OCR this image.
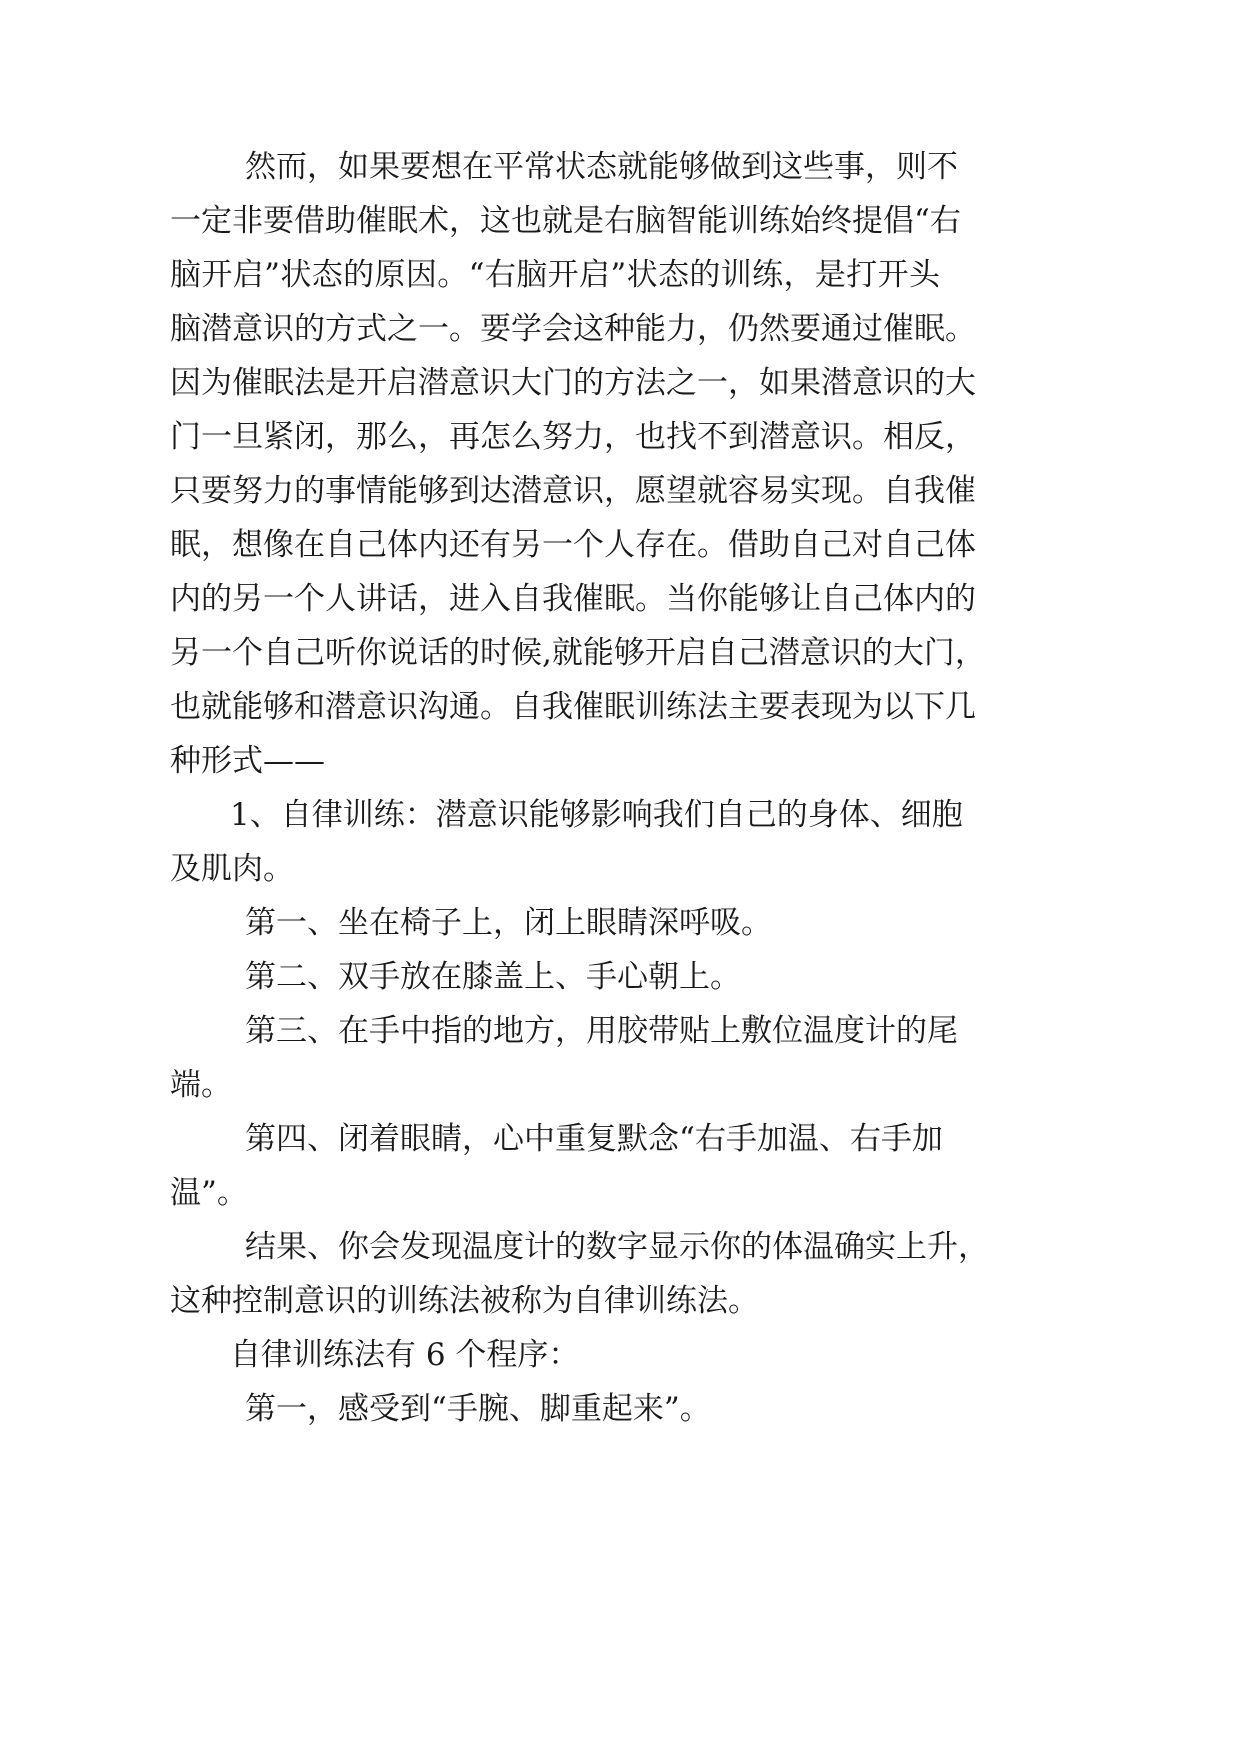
然 而 ， 如 果 要 想 在 平 常 状 态 就 能 够 做 到 这 些 事 ， 则 不

一 定 非 要 借 助 催 眠 术 ， 这 也 就 是 右 脑 智 能 训 练 始 终 提 倡 “ 右

脑 开 启 ” 状 态 的 原 因 。 “ 右 脑 开 启 ” 状 态 的 训 练 ， 是 打 开 头

脑 潜 意 识 的 方 式 之 一 。 要 学 会 这 种 能 力 ， 仍 然 要 通 过 催 眠 。

因 为 催 眠 法 是 开 启 潜 意 识 大 门 的 方 法 之 一 ， 如 果 潜 意 识 的 大

门 一 旦 紧 闭 ， 那 么 ， 再 怎 么 努 力 ， 也 找 不 到 潜 意 识 。 相 反 ，

只 要 努 力 的 事 情 能 够 到 达 潜 意 识 ， 愿 望 就 容 易 实 现 。 自 我 催

眠 ， 想 像 在 自 己 体 内 还 有 另 一 个 人 存 在 。 借 助 自 己 对 自 己 体

内 的 另 一 个 人 讲 话 ， 进 入 自 我 催 眠 。 当 你 能 够 让 自 己 体 内 的

另 一 个 自 己 听 你 说 话 的 时 候 , 就 能 够 开 启 自 己 潜 意 识 的 大 门 ，

也 就 能 够 和 潜 意 识 沟 通 。 自 我 催 眠 训 练 法 主 要 表 现 为 以 下 几

种形式——

1 、 自 律 训 练 ： 潜 意 识 能 够 影 响 我 们 自 己 的 身 体 、 细 胞

及肌肉。

第一、坐在椅子上，闭上眼睛深呼吸。

第二、双手放在膝盖上、手心朝上。

第 三 、 在 手 中 指 的 地 方 ， 用 胶 带 贴 上 敷 位 温 度 计 的 尾

端。

第 四 、 闭 着 眼 睛 ， 心 中 重 复 默 念 “ 右 手 加 温 、 右 手 加

温”。

结 果 、 你 会 发 现 温 度 计 的 数 字 显 示 你 的 体 温 确 实 上 升 ，

这种控制意识的训练法被称为自律训练法。

自律训练法有 6 个程序：

第一，感受到“手腕、脚重起来”。
